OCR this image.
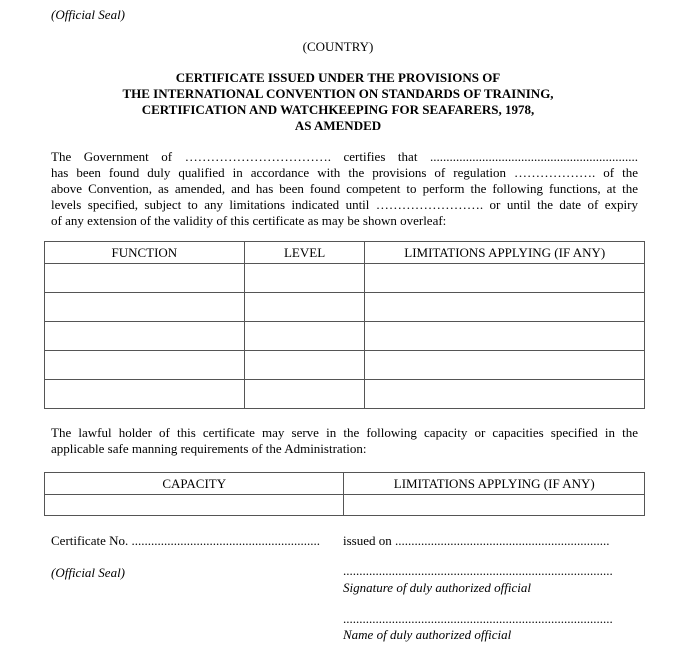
(Official Seal)
(COUNTRY)
CERTIFICATE ISSUED UNDER THE PROVISIONS OF
THE INTERNATIONAL CONVENTION ON STANDARDS OF TRAINING,
CERTIFICATION AND WATCHKEEPING FOR SEAFARERS, 1978,
AS AMENDED
The Government of ……………………………. certifies that ................................................................
has been found duly qualified in accordance with the provisions of regulation ………………. of the
above Convention, as amended, and has been found competent to perform the following functions, at the
levels specified, subject to any limitations indicated until ……………………. or until the date of expiry
of any extension of the validity of this certificate as may be shown overleaf:
FUNCTION	LEVEL	LIMITATIONS APPLYING (IF ANY)

The lawful holder of this certificate may serve in the following capacity or capacities specified in the
applicable safe manning requirements of the Administration:
CAPACITY	LIMITATIONS APPLYING (IF ANY)

Certificate No. .......................................................... issued on ..................................................................
(Official Seal)	...................................................................................
Signature of duly authorized official
...................................................................................
Name of duly authorized official
